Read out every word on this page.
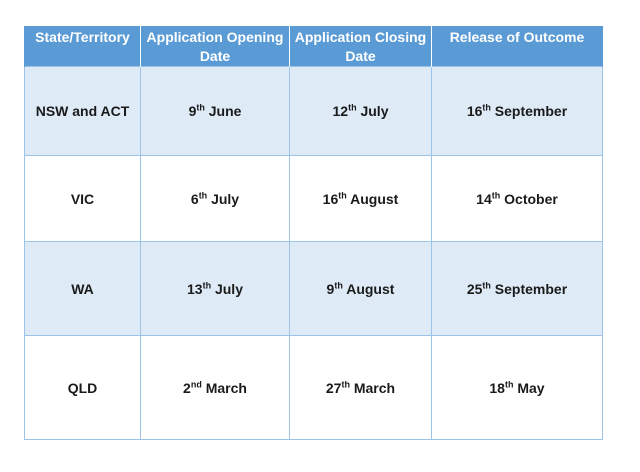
State/Territory	Application Opening Date	Application Closing Date	Release of Outcome
NSW and ACT	9th June	12th July	16th September
VIC	6th July	16th August	14th October
WA	13th July	9th August	25th September
QLD	2nd March	27th March	18th May
